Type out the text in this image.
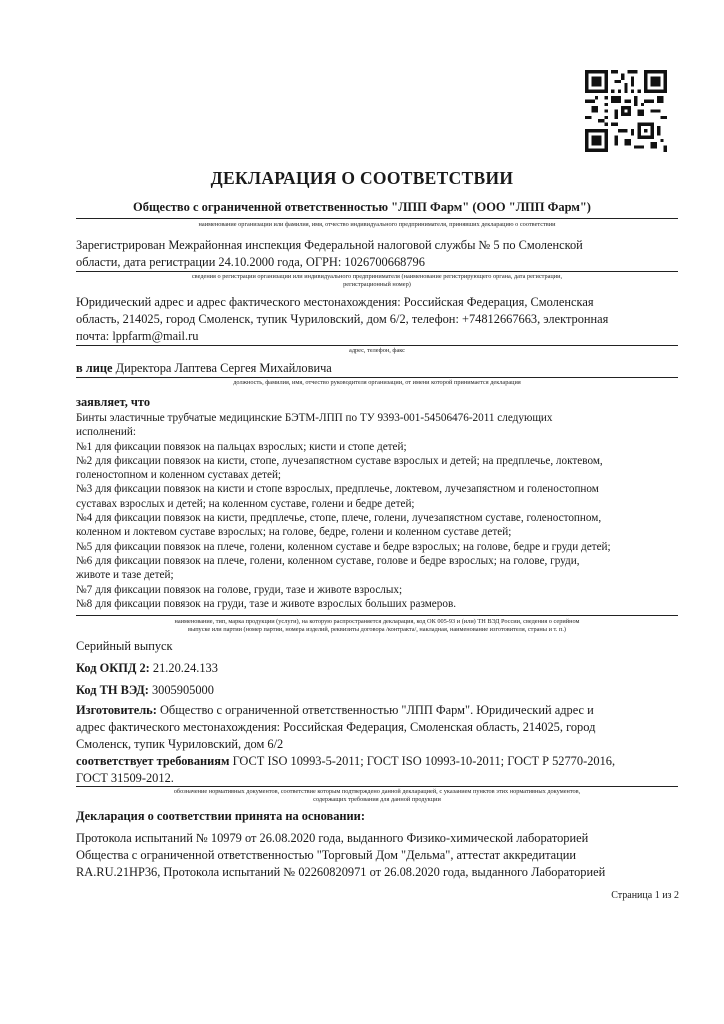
ДЕКЛАРАЦИЯ О СООТВЕТСТВИИ
Общество с ограниченной ответственностью "ЛПП Фарм" (ООО "ЛПП Фарм")
наименование организации или фамилия, имя, отчество индивидуального предпринимателя, принявших декларацию о соответствии
Зарегистрирован Межрайонная инспекция Федеральной налоговой службы № 5 по Смоленской
области, дата регистрации 24.10.2000 года, ОГРН: 1026700668796
сведения о регистрации организации или индивидуального предпринимателя (наименование регистрирующего органа, дата регистрации,
регистрационный номер)
Юридический адрес и адрес фактического местонахождения: Российская Федерация, Смоленская
область, 214025, город Смоленск, тупик Чуриловский, дом 6/2, телефон: +74812667663, электронная
почта: lppfarm@mail.ru
адрес, телефон, факс
в лице Директора Лаптева Сергея Михайловича
должность, фамилия, имя, отчество руководителя организации, от имени которой принимается декларация
заявляет, что
Бинты эластичные трубчатые медицинские БЭТМ-ЛПП по ТУ 9393-001-54506476-2011 следующих
исполнений:
№1 для фиксации повязок на пальцах взрослых; кисти и стопе детей;
№2 для фиксации повязок на кисти, стопе, лучезапястном суставе взрослых и детей; на предплечье, локтевом,
голеностопном и коленном суставах детей;
№3 для фиксации повязок на кисти и стопе взрослых, предплечье, локтевом, лучезапястном и голеностопном
суставах взрослых и детей; на коленном суставе, голени и бедре детей;
№4 для фиксации повязок на кисти, предплечье, стопе, плече, голени, лучезапястном суставе, голеностопном,
коленном и локтевом суставе взрослых; на голове, бедре, голени и коленном суставе детей;
№5 для фиксации повязок на плече, голени, коленном суставе и бедре взрослых; на голове, бедре и груди детей;
№6 для фиксации повязок на плече, голени, коленном суставе, голове и бедре взрослых; на голове, груди,
животе и тазе детей;
№7 для фиксации повязок на голове, груди, тазе и животе взрослых;
№8 для фиксации повязок на груди, тазе и животе взрослых больших размеров.
наименование, тип, марка продукции (услуги), на которую распространяется декларация, код ОК 005-93 и (или) ТН ВЭД России, сведения о серийном
выпуске или партии (номер партии, номера изделий, реквизиты договора /контракта/, накладная, наименование изготовителя, страны и т. п.)
Серийный выпуск
Код ОКПД 2: 21.20.24.133
Код ТН ВЭД: 3005905000
Изготовитель: Общество с ограниченной ответственностью "ЛПП Фарм". Юридический адрес и
адрес фактического местонахождения: Российская Федерация, Смоленская область, 214025, город
Смоленск, тупик Чуриловский, дом 6/2
соответствует требованиям ГОСТ ISO 10993-5-2011; ГОСТ ISO 10993-10-2011; ГОСТ Р 52770-2016,
ГОСТ 31509-2012.
обозначение нормативных документов, соответствие которым подтверждено данной декларацией, с указанием пунктов этих нормативных документов,
содержащих требования для данной продукции
Декларация о соответствии принята на основании:
Протокола испытаний № 10979 от 26.08.2020 года, выданного Физико-химической лабораторией
Общества с ограниченной ответственностью "Торговый Дом "Дельма", аттестат аккредитации
RA.RU.21НР36, Протокола испытаний № 02260820971 от 26.08.2020 года, выданного Лабораторией
Страница 1 из 2
